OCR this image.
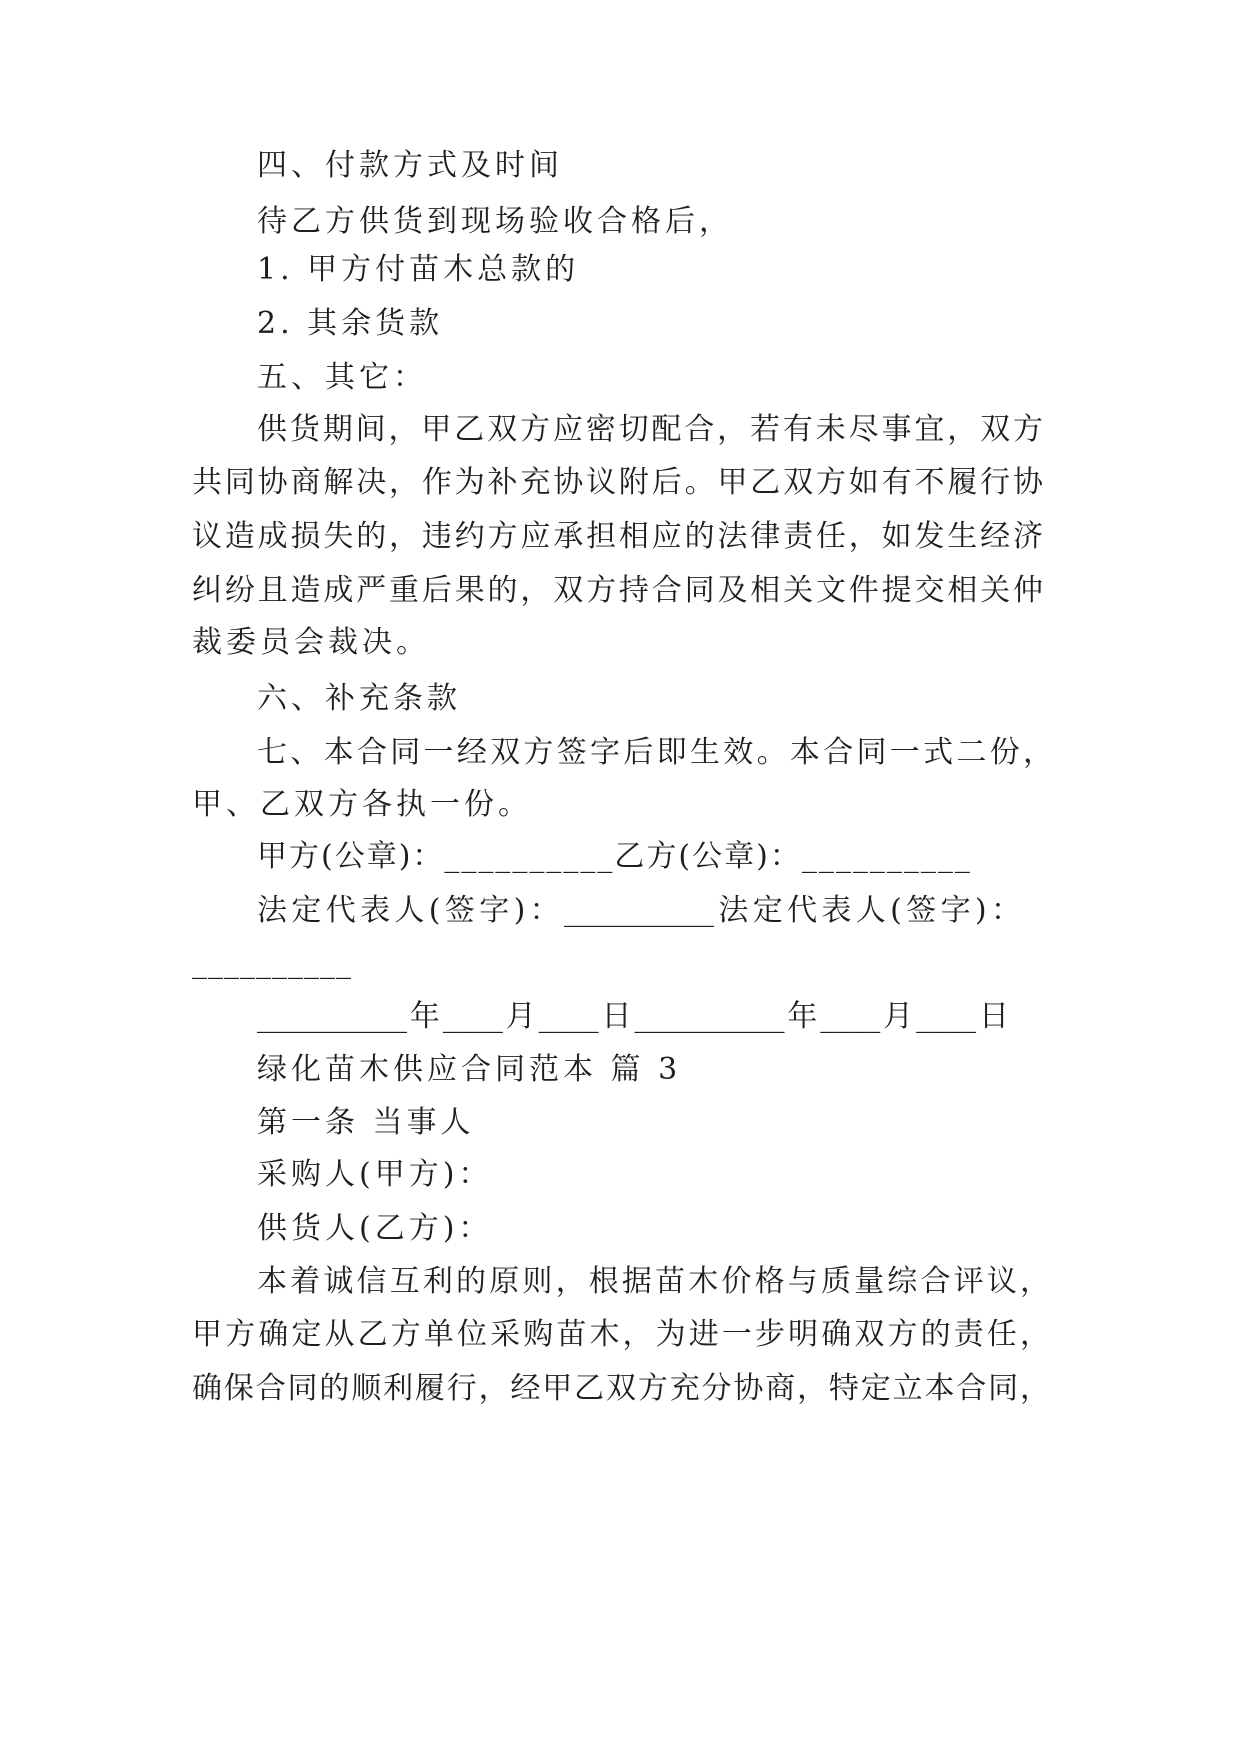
四、付款方式及时间
待乙方供货到现场验收合格后，
1. 甲方付苗木总款的
2. 其余货款
五、其它：
供货期间，甲乙双方应密切配合，若有未尽事宜，双方
共同协商解决，作为补充协议附后。甲乙双方如有不履行协
议造成损失的，违约方应承担相应的法律责任，如发生经济
纠纷且造成严重后果的，双方持合同及相关文件提交相关仲
裁委员会裁决。
六、补充条款
七、本合同一经双方签字后即生效。本合同一式二份，
甲、乙双方各执一份。
甲方(公章)：__________乙方(公章)：__________
法定代表人(签字)：__________法定代表人(签字)：
__________
__________年____月____日__________年____月____日
绿化苗木供应合同范本 篇 3
第一条 当事人
采购人(甲方)：
供货人(乙方)：
本着诚信互利的原则，根据苗木价格与质量综合评议，
甲方确定从乙方单位采购苗木，为进一步明确双方的责任，
确保合同的顺利履行，经甲乙双方充分协商，特定立本合同，
